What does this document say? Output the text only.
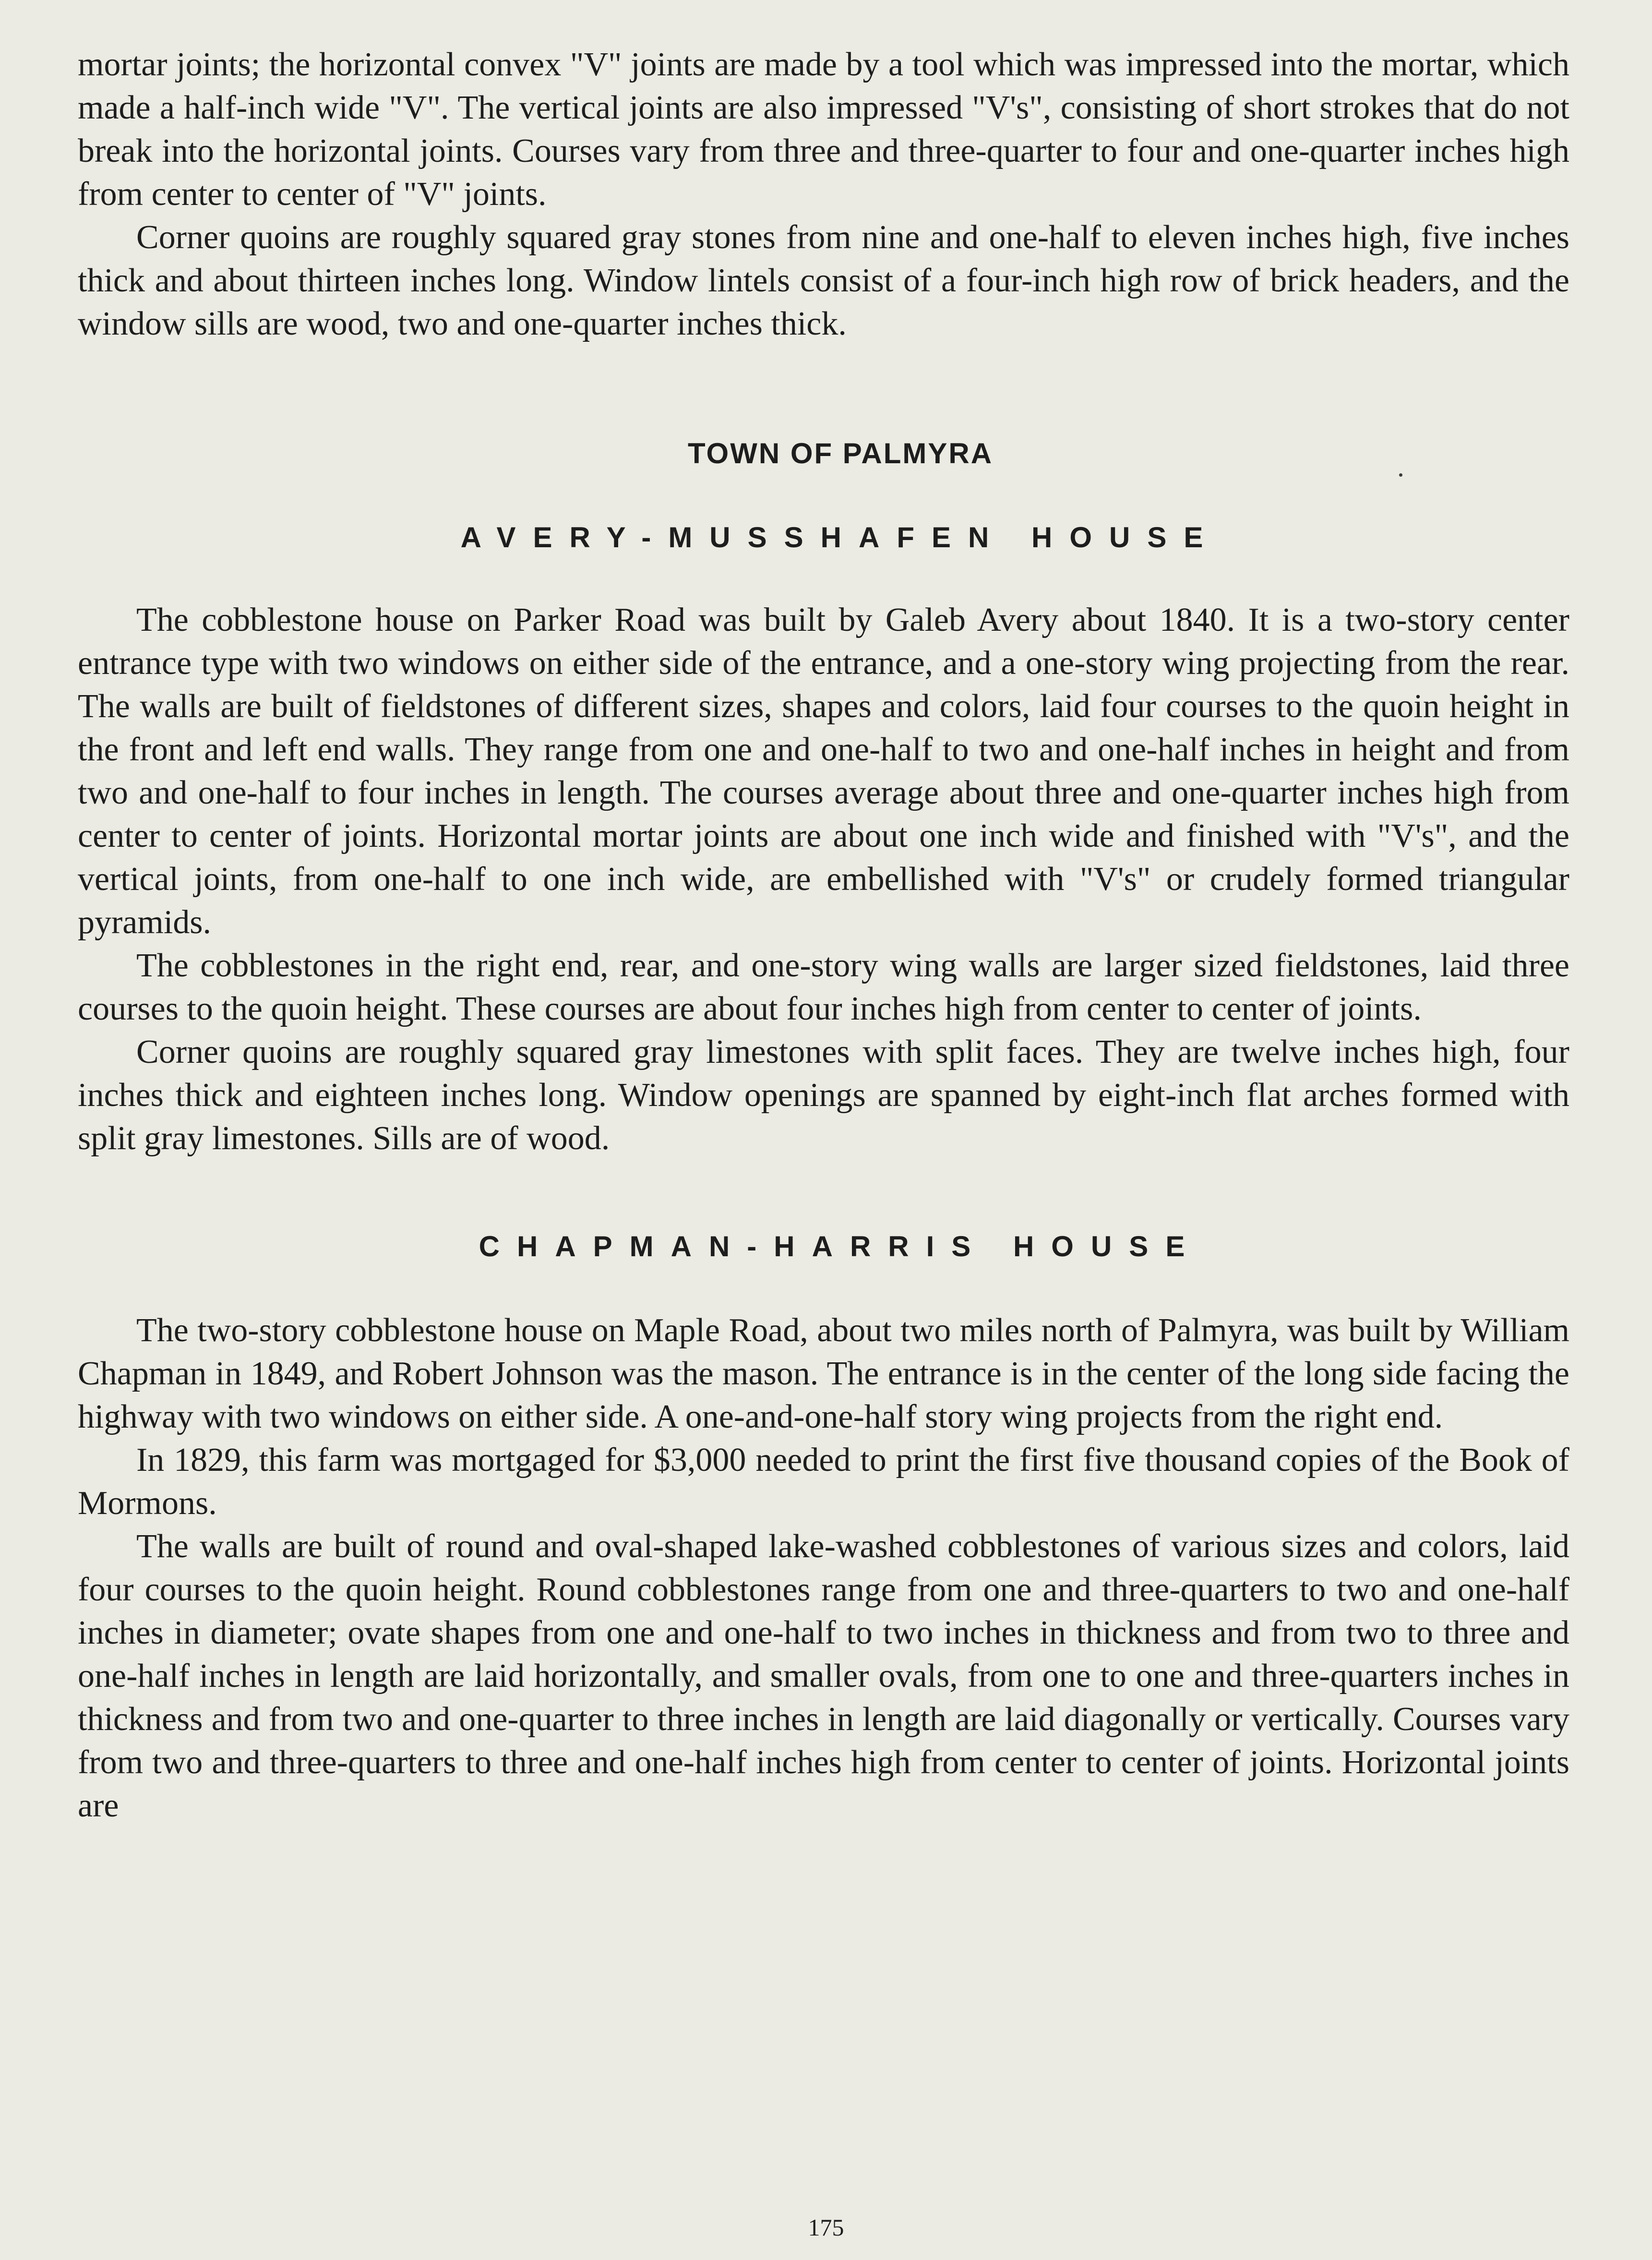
mortar joints; the horizontal convex "V" joints are made by a tool which was impressed into the mortar, which made a half-inch wide "V". The vertical joints are also impressed "V's", consisting of short strokes that do not break into the horizontal joints. Courses vary from three and three-quarter to four and one-quarter inches high from center to center of "V" joints.

Corner quoins are roughly squared gray stones from nine and one-half to eleven inches high, five inches thick and about thirteen inches long. Window lintels consist of a four-inch high row of brick headers, and the window sills are wood, two and one-quarter inches thick.

TOWN OF PALMYRA
AVERY-MUSSHAFEN HOUSE

The cobblestone house on Parker Road was built by Galeb Avery about 1840. It is a two-story center entrance type with two windows on either side of the entrance, and a one-story wing projecting from the rear. The walls are built of fieldstones of different sizes, shapes and colors, laid four courses to the quoin height in the front and left end walls. They range from one and one-half to two and one-half inches in height and from two and one-half to four inches in length. The courses average about three and one-quarter inches high from center to center of joints. Horizontal mortar joints are about one inch wide and finished with "V's", and the vertical joints, from one-half to one inch wide, are embellished with "V's" or crudely formed triangular pyramids.

The cobblestones in the right end, rear, and one-story wing walls are larger sized fieldstones, laid three courses to the quoin height. These courses are about four inches high from center to center of joints.

Corner quoins are roughly squared gray limestones with split faces. They are twelve inches high, four inches thick and eighteen inches long. Window openings are spanned by eight-inch flat arches formed with split gray limestones. Sills are of wood.

CHAPMAN-HARRIS HOUSE

The two-story cobblestone house on Maple Road, about two miles north of Palmyra, was built by William Chapman in 1849, and Robert Johnson was the mason. The entrance is in the center of the long side facing the highway with two windows on either side. A one-and-one-half story wing projects from the right end.

In 1829, this farm was mortgaged for $3,000 needed to print the first five thousand copies of the Book of Mormons.

The walls are built of round and oval-shaped lake-washed cobblestones of various sizes and colors, laid four courses to the quoin height. Round cobblestones range from one and three-quarters to two and one-half inches in diameter; ovate shapes from one and one-half to two inches in thickness and from two to three and one-half inches in length are laid horizontally, and smaller ovals, from one to one and three-quarters inches in thickness and from two and one-quarter to three inches in length are laid diagonally or vertically. Courses vary from two and three-quarters to three and one-half inches high from center to center of joints. Horizontal joints are

175
